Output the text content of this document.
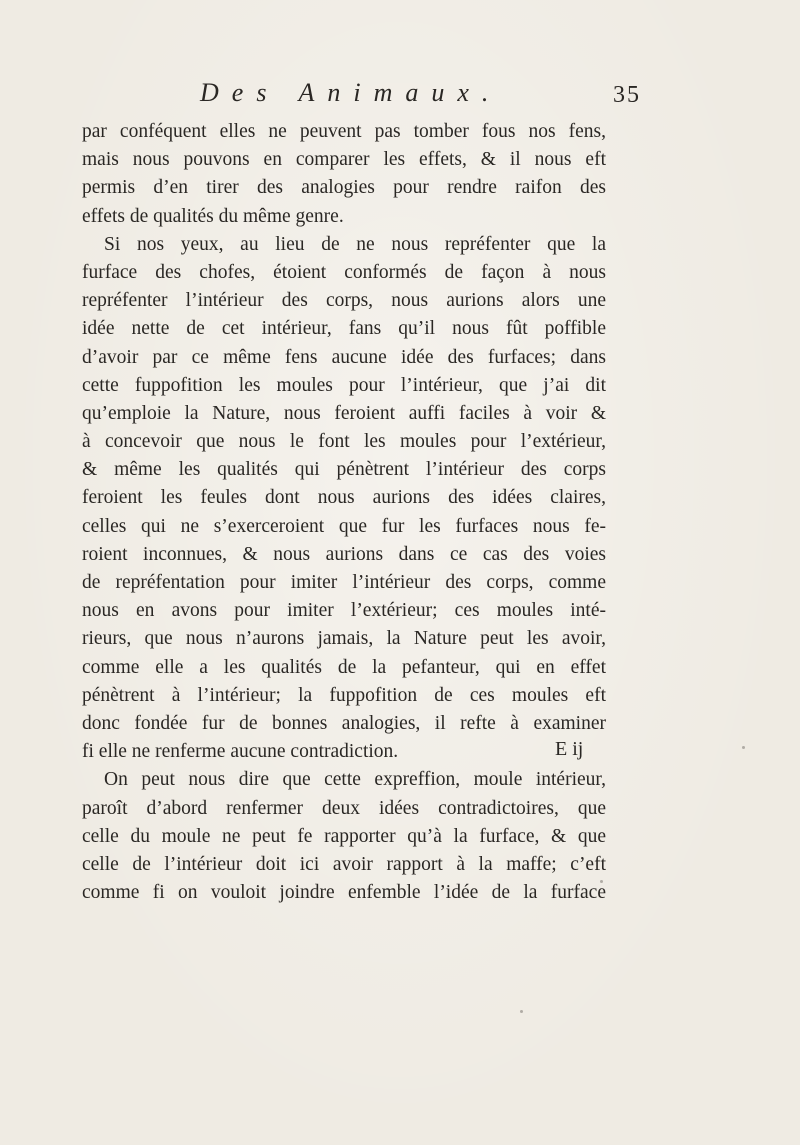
Des Animaux.	35
par conféquent elles ne peuvent pas tomber fous nos fens,
mais nous pouvons en comparer les effets, & il nous eft
permis d’en tirer des analogies pour rendre raifon des
effets de qualités du même genre.
Si nos yeux, au lieu de ne nous repréfenter que la
furface des chofes, étoient conformés de façon à nous
repréfenter l’intérieur des corps, nous aurions alors une
idée nette de cet intérieur, fans qu’il nous fût poffible
d’avoir par ce même fens aucune idée des furfaces; dans
cette fuppofition les moules pour l’intérieur, que j’ai dit
qu’emploie la Nature, nous feroient auffi faciles à voir &
à concevoir que nous le font les moules pour l’extérieur,
& même les qualités qui pénètrent l’intérieur des corps
feroient les feules dont nous aurions des idées claires,
celles qui ne s’exerceroient que fur les furfaces nous fe-
roient inconnues, & nous aurions dans ce cas des voies
de repréfentation pour imiter l’intérieur des corps, comme
nous en avons pour imiter l’extérieur; ces moules inté-
rieurs, que nous n’aurons jamais, la Nature peut les avoir,
comme elle a les qualités de la pefanteur, qui en effet
pénètrent à l’intérieur; la fuppofition de ces moules eft
donc fondée fur de bonnes analogies, il refte à examiner
fi elle ne renferme aucune contradiction.
On peut nous dire que cette expreffion, moule intérieur,
paroît d’abord renfermer deux idées contradictoires, que
celle du moule ne peut fe rapporter qu’à la furface, & que
celle de l’intérieur doit ici avoir rapport à la maffe; c’eft
comme fi on vouloit joindre enfemble l’idée de la furface
E ij
